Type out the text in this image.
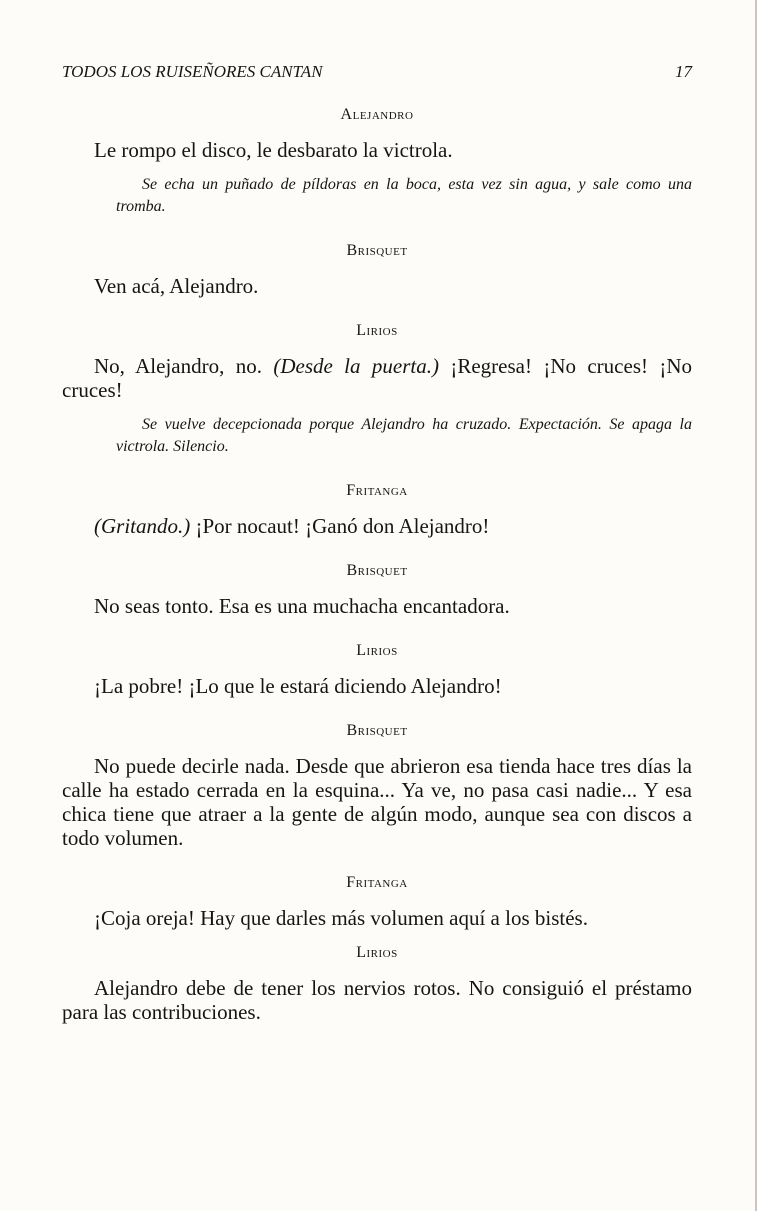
TODOS LOS RUISEÑORES CANTAN	17

Alejandro

Le rompo el disco, le desbarato la victrola.

Se echa un puñado de píldoras en la boca, esta vez sin agua, y sale como una tromba.

Brisquet

Ven acá, Alejandro.

Lirios

No, Alejandro, no. (Desde la puerta.) ¡Regresa! ¡No cruces! ¡No cruces!

Se vuelve decepcionada porque Alejandro ha cruzado. Expectación. Se apaga la victrola. Silencio.

Fritanga

(Gritando.) ¡Por nocaut! ¡Ganó don Alejandro!

Brisquet

No seas tonto. Esa es una muchacha encantadora.

Lirios

¡La pobre! ¡Lo que le estará diciendo Alejandro!

Brisquet

No puede decirle nada. Desde que abrieron esa tienda hace tres días la calle ha estado cerrada en la esquina... Ya ve, no pasa casi nadie... Y esa chica tiene que atraer a la gente de algún modo, aunque sea con discos a todo volumen.

Fritanga

¡Coja oreja! Hay que darles más volumen aquí a los bistés.

Lirios

Alejandro debe de tener los nervios rotos. No consiguió el préstamo para las contribuciones.
